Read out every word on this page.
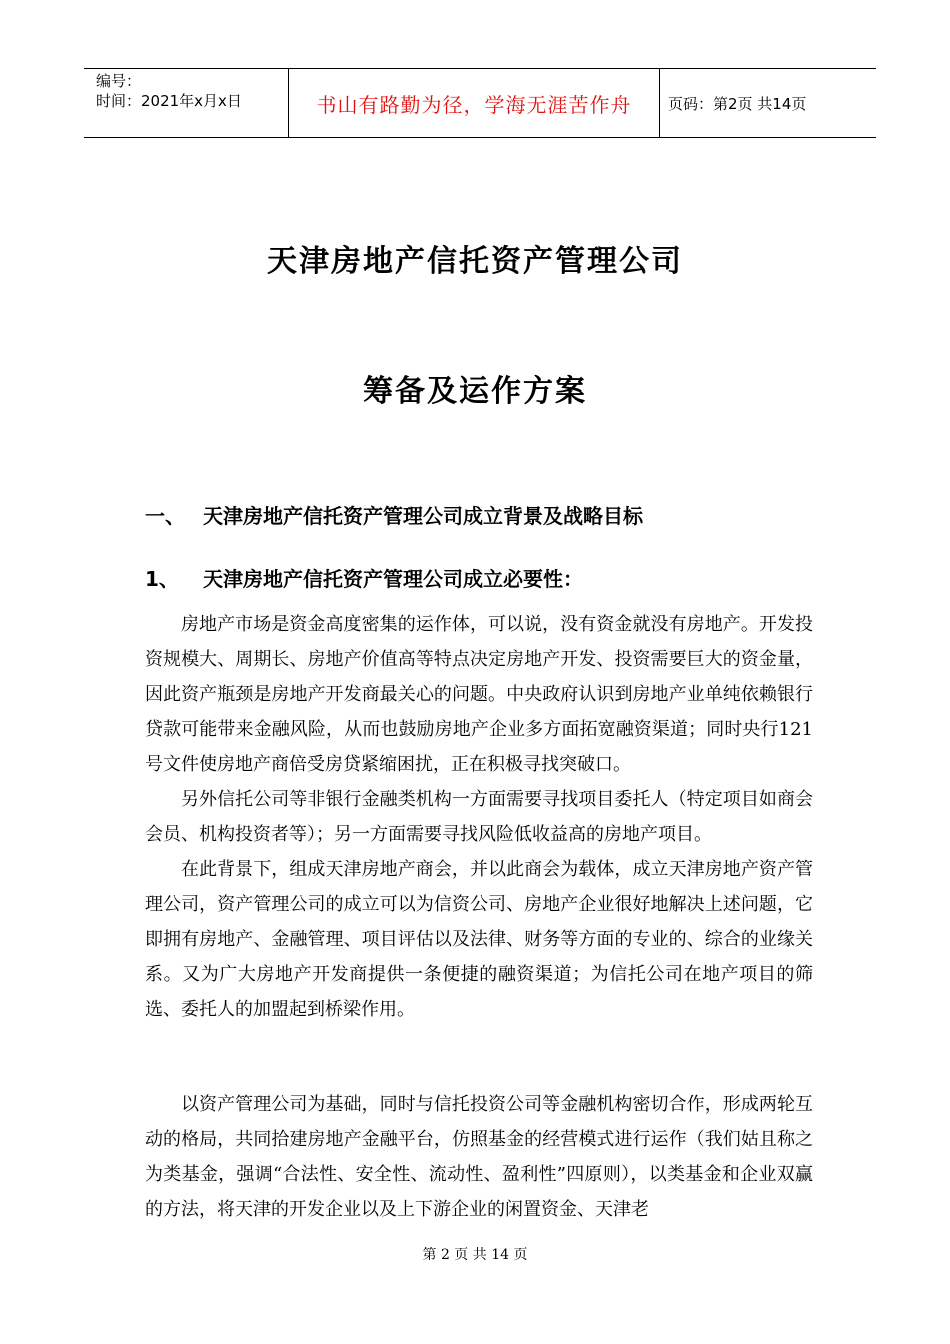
编号：
时间：2021年x月x日	书山有路勤为径，学海无涯苦作舟 页码：第2页 共14页
天津房地产信托资产管理公司
筹备及运作方案
一、 天津房地产信托资产管理公司成立背景及战略目标
1、 天津房地产信托资产管理公司成立必要性：

房地产市场是资金高度密集的运作体，可以说，没有资金就没有房地产。开发投资规模大、周期长、房地产价值高等特点决定房地产开发、投资需要巨大的资金量，因此资产瓶颈是房地产开发商最关心的问题。中央政府认识到房地产业单纯依赖银行贷款可能带来金融风险，从而也鼓励房地产企业多方面拓宽融资渠道；同时央行121号文件使房地产商倍受房贷紧缩困扰，正在积极寻找突破口。

另外信托公司等非银行金融类机构一方面需要寻找项目委托人（特定项目如商会会员、机构投资者等）；另一方面需要寻找风险低收益高的房地产项目。

在此背景下，组成天津房地产商会，并以此商会为载体，成立天津房地产资产管理公司，资产管理公司的成立可以为信资公司、房地产企业很好地解决上述问题，它即拥有房地产、金融管理、项目评估以及法律、财务等方面的专业的、综合的业缘关系。又为广大房地产开发商提供一条便捷的融资渠道；为信托公司在地产项目的筛选、委托人的加盟起到桥梁作用。

以资产管理公司为基础，同时与信托投资公司等金融机构密切合作，形成两轮互动的格局，共同拾建房地产金融平台，仿照基金的经营模式进行运作（我们姑且称之为类基金，强调“合法性、安全性、流动性、盈利性”四原则），以类基金和企业双赢的方法，将天津的开发企业以及上下游企业的闲置资金、天津老

第 2 页 共 14 页
